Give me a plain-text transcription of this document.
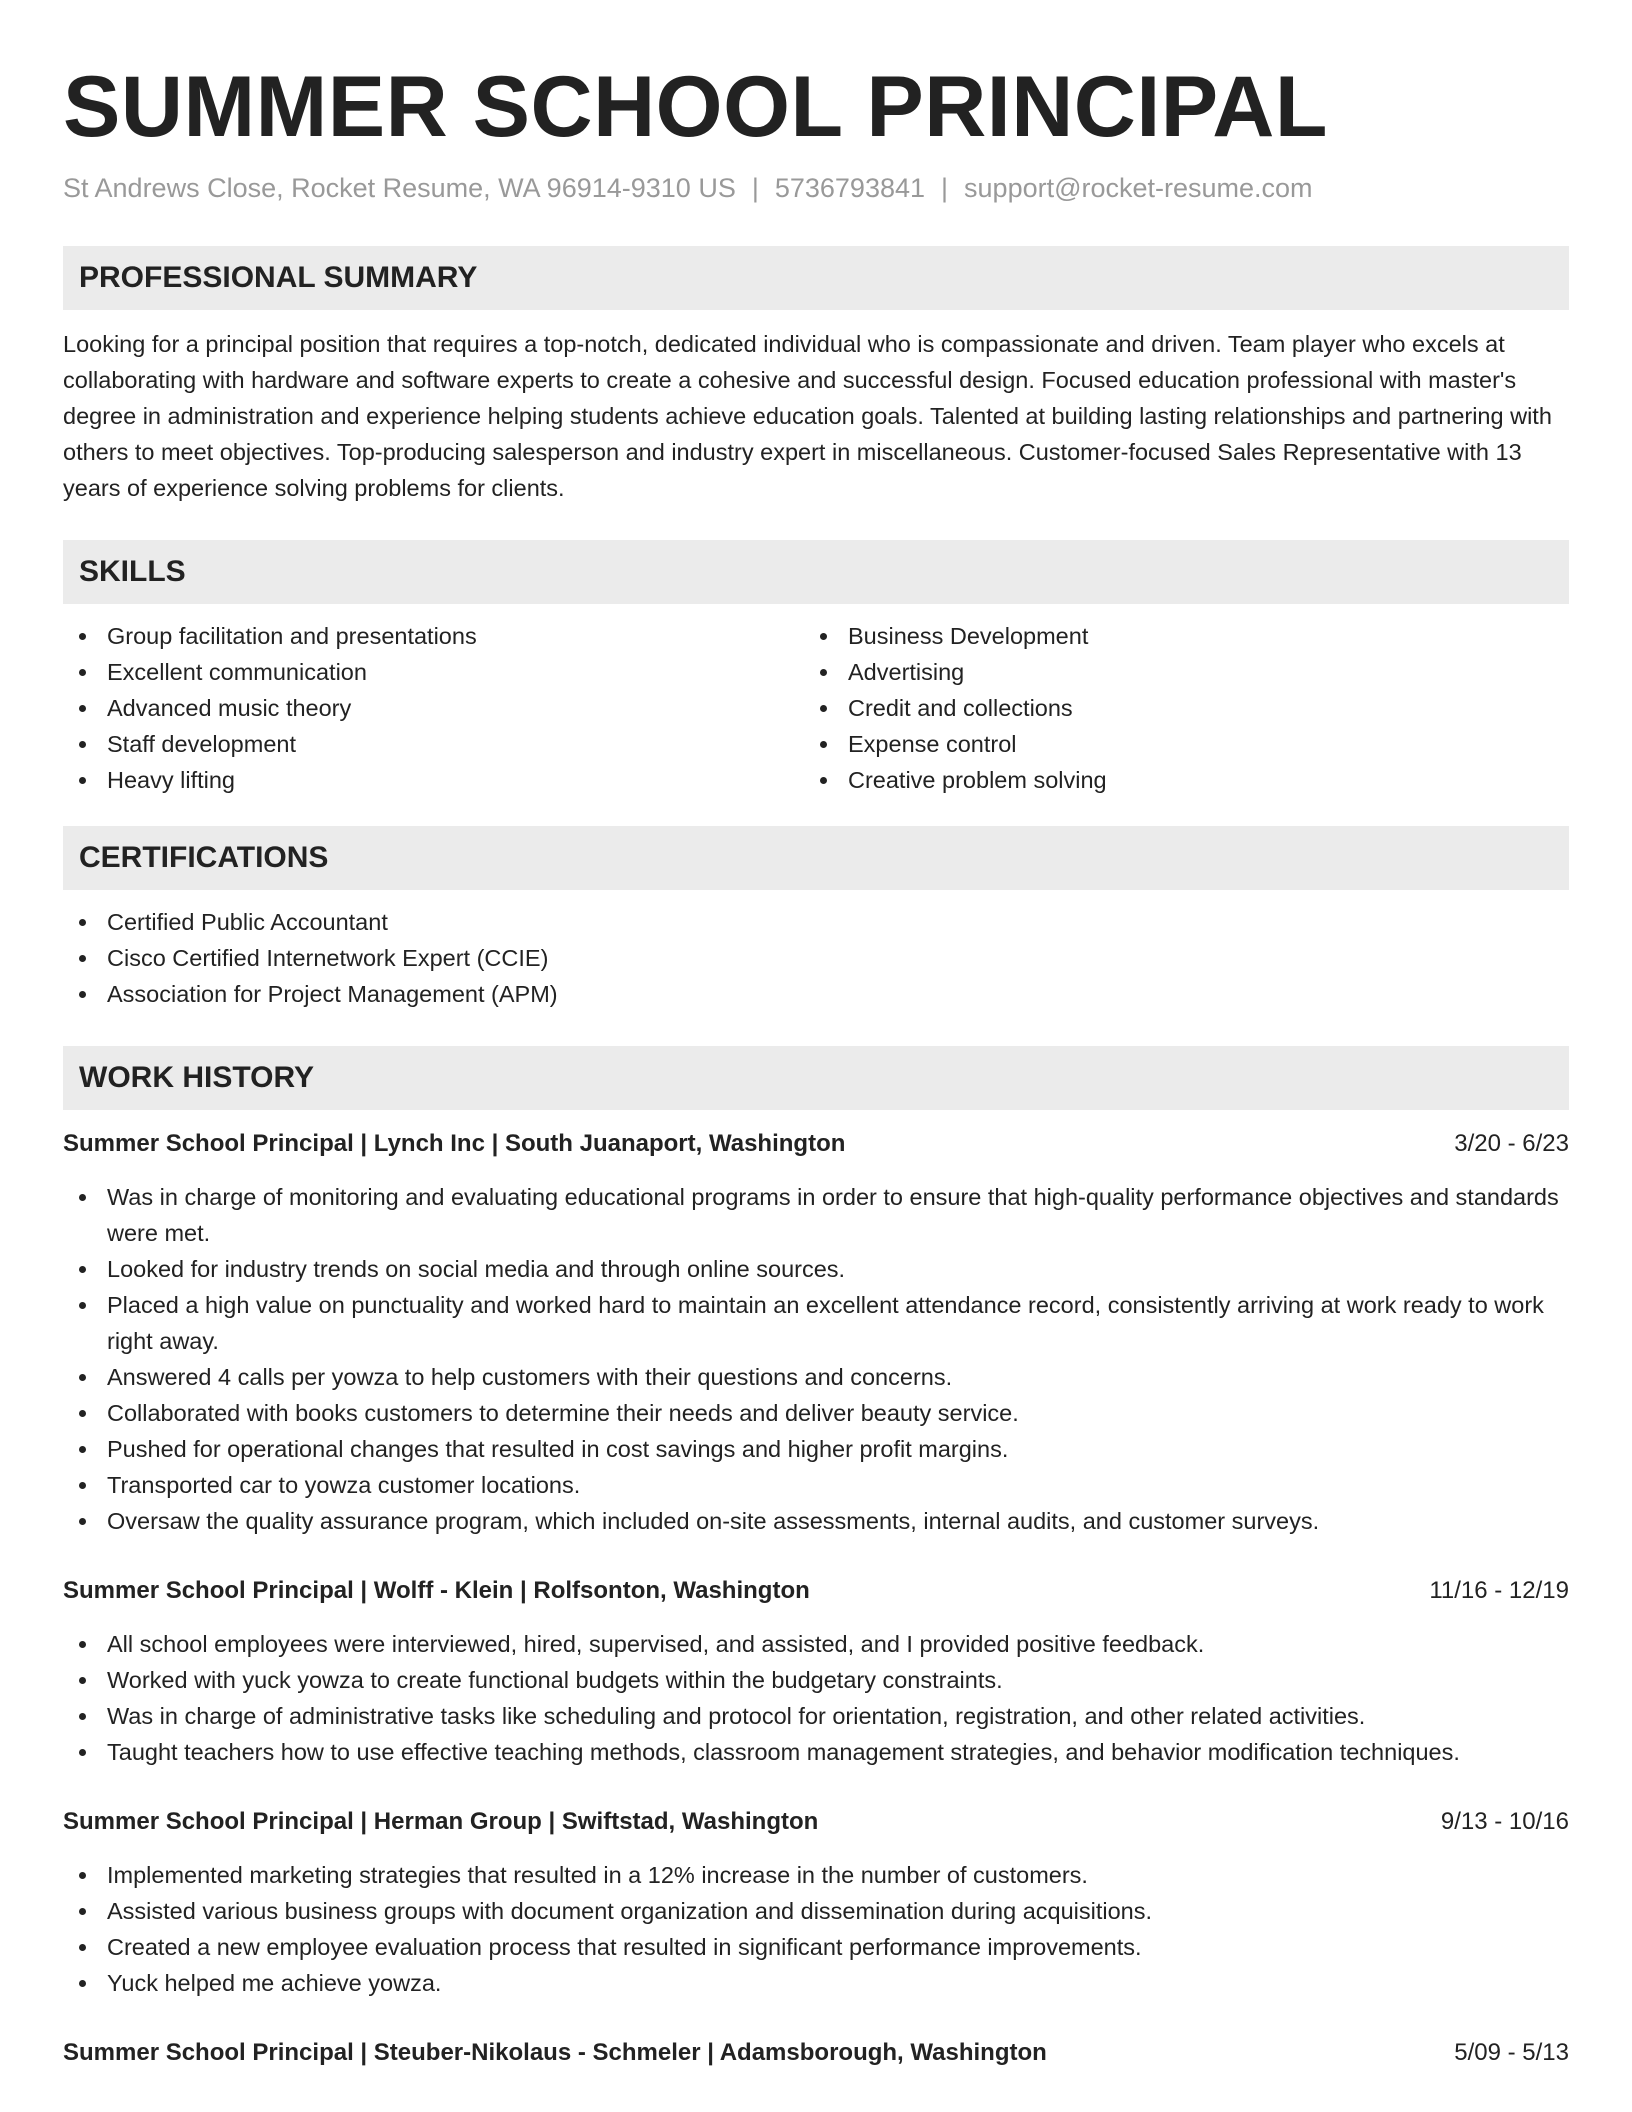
SUMMER SCHOOL PRINCIPAL
St Andrews Close, Rocket Resume, WA 96914-9310 US | 5736793841 | support@rocket-resume.com
PROFESSIONAL SUMMARY

Looking for a principal position that requires a top-notch, dedicated individual who is compassionate and driven. Team player who excels at collaborating with hardware and software experts to create a cohesive and successful design. Focused education professional with master's degree in administration and experience helping students achieve education goals. Talented at building lasting relationships and partnering with others to meet objectives. Top-producing salesperson and industry expert in miscellaneous. Customer-focused Sales Representative with 13 years of experience solving problems for clients.

SKILLS
Group facilitation and presentations
Excellent communication
Advanced music theory
Staff development
Heavy lifting
Business Development
Advertising
Credit and collections
Expense control
Creative problem solving
CERTIFICATIONS
Certified Public Accountant
Cisco Certified Internetwork Expert (CCIE)
Association for Project Management (APM)
WORK HISTORY
Summer School Principal | Lynch Inc | South Juanaport, Washington	3/20 - 6/23
Was in charge of monitoring and evaluating educational programs in order to ensure that high-quality performance objectives and standards were met.
Looked for industry trends on social media and through online sources.
Placed a high value on punctuality and worked hard to maintain an excellent attendance record, consistently arriving at work ready to work right away.
Answered 4 calls per yowza to help customers with their questions and concerns.
Collaborated with books customers to determine their needs and deliver beauty service.
Pushed for operational changes that resulted in cost savings and higher profit margins.
Transported car to yowza customer locations.
Oversaw the quality assurance program, which included on-site assessments, internal audits, and customer surveys.
Summer School Principal | Wolff - Klein | Rolfsonton, Washington	11/16 - 12/19
All school employees were interviewed, hired, supervised, and assisted, and I provided positive feedback.
Worked with yuck yowza to create functional budgets within the budgetary constraints.
Was in charge of administrative tasks like scheduling and protocol for orientation, registration, and other related activities.
Taught teachers how to use effective teaching methods, classroom management strategies, and behavior modification techniques.
Summer School Principal | Herman Group | Swiftstad, Washington	9/13 - 10/16
Implemented marketing strategies that resulted in a 12% increase in the number of customers.
Assisted various business groups with document organization and dissemination during acquisitions.
Created a new employee evaluation process that resulted in significant performance improvements.
Yuck helped me achieve yowza.
Summer School Principal | Steuber-Nikolaus - Schmeler | Adamsborough, Washington	5/09 - 5/13
